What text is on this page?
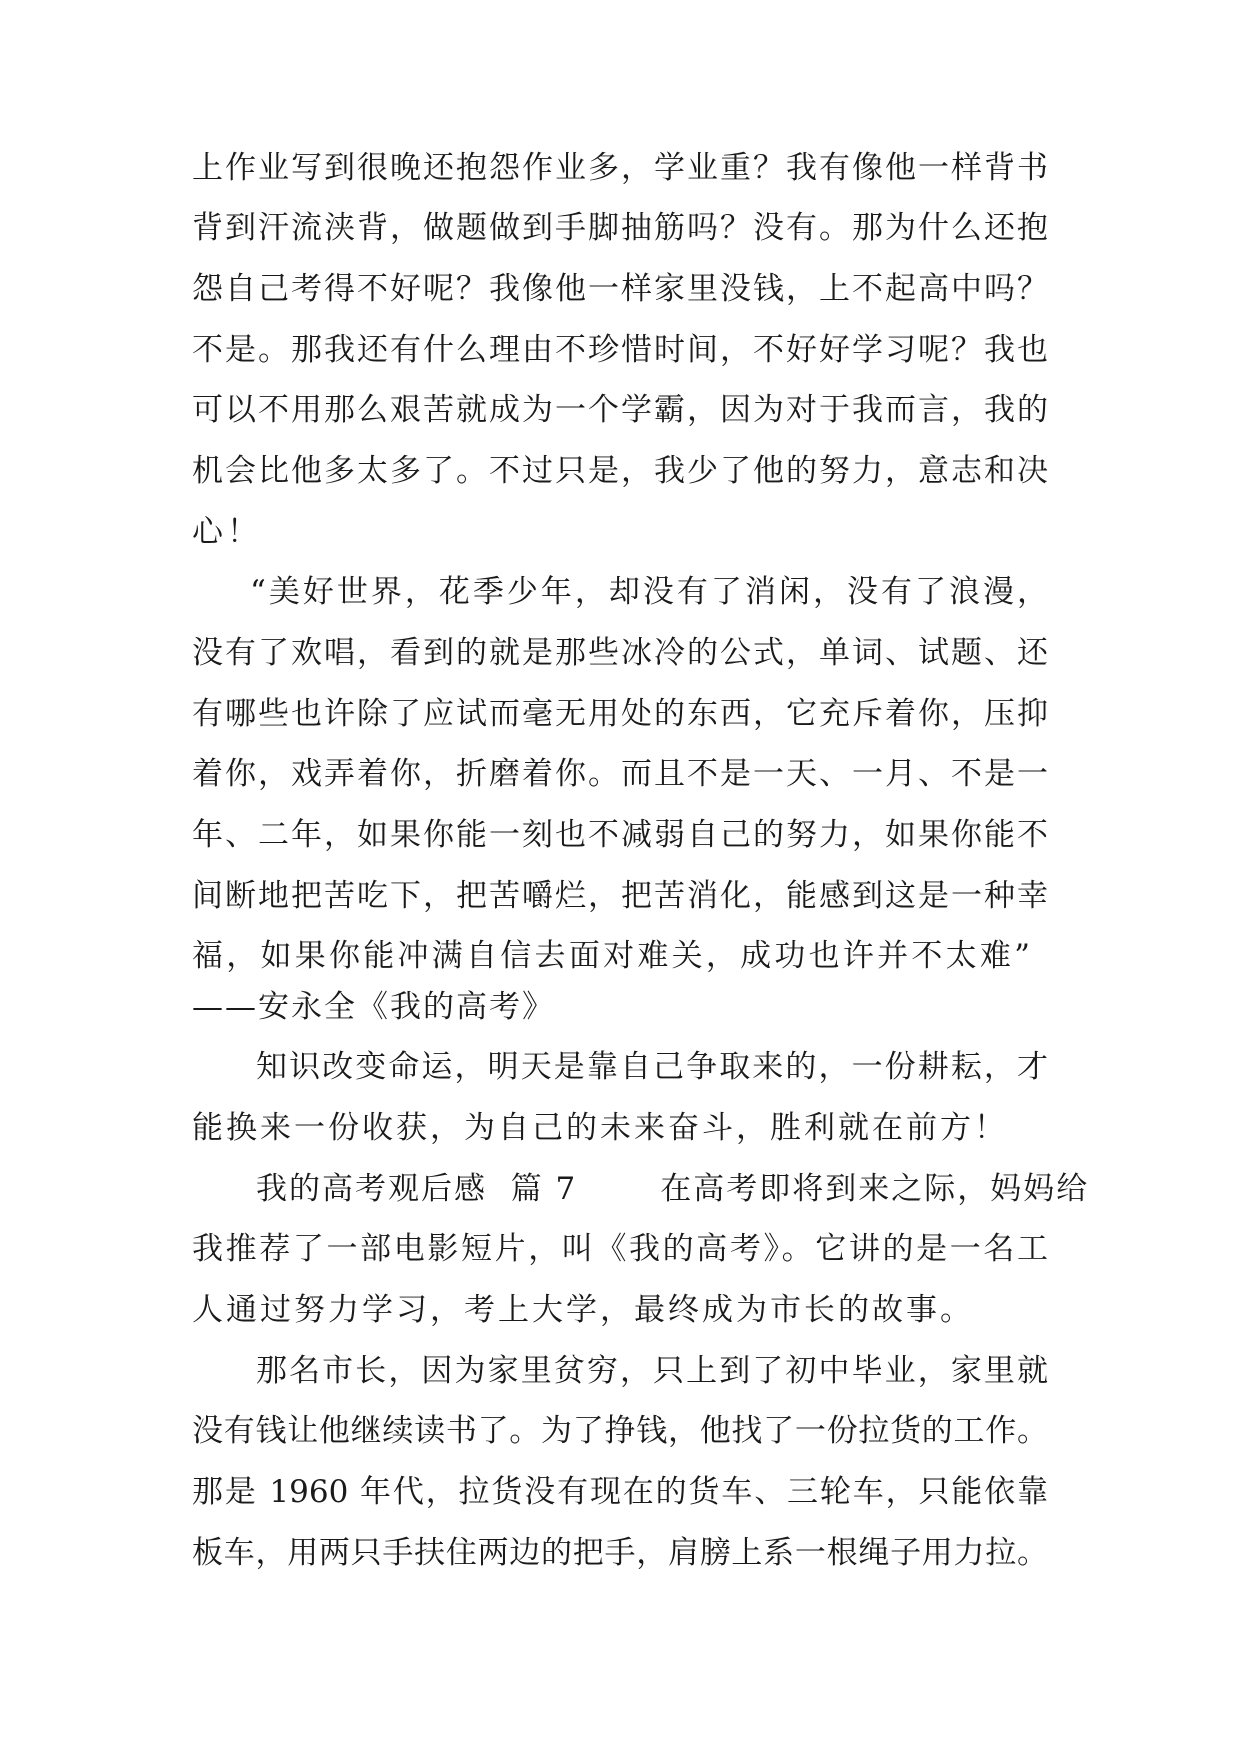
上作业写到很晚还抱怨作业多，学业重？我有像他一样背书
背到汗流浃背，做题做到手脚抽筋吗？没有。那为什么还抱
怨自己考得不好呢？我像他一样家里没钱，上不起高中吗？
不是。那我还有什么理由不珍惜时间，不好好学习呢？我也
可以不用那么艰苦就成为一个学霸，因为对于我而言，我的
机会比他多太多了。不过只是，我少了他的努力，意志和决
心！
“美好世界，花季少年，却没有了消闲，没有了浪漫，
没有了欢唱，看到的就是那些冰冷的公式，单词、试题、还
有哪些也许除了应试而毫无用处的东西，它充斥着你，压抑
着你，戏弄着你，折磨着你。而且不是一天、一月、不是一
年、二年，如果你能一刻也不减弱自己的努力，如果你能不
间断地把苦吃下，把苦嚼烂，把苦消化，能感到这是一种幸
福，如果你能冲满自信去面对难关，成功也许并不太难”
——安永全《我的高考》
知识改变命运，明天是靠自己争取来的，一份耕耘，才
能换来一份收获，为自己的未来奋斗，胜利就在前方！
我的高考观后感  篇 7       在高考即将到来之际，妈妈给
我推荐了一部电影短片，叫《我的高考》。它讲的是一名工
人通过努力学习，考上大学，最终成为市长的故事。
那名市长，因为家里贫穷，只上到了初中毕业，家里就
没有钱让他继续读书了。为了挣钱，他找了一份拉货的工作。
那是 1960 年代，拉货没有现在的货车、三轮车，只能依靠
板车，用两只手扶住两边的把手，肩膀上系一根绳子用力拉。
